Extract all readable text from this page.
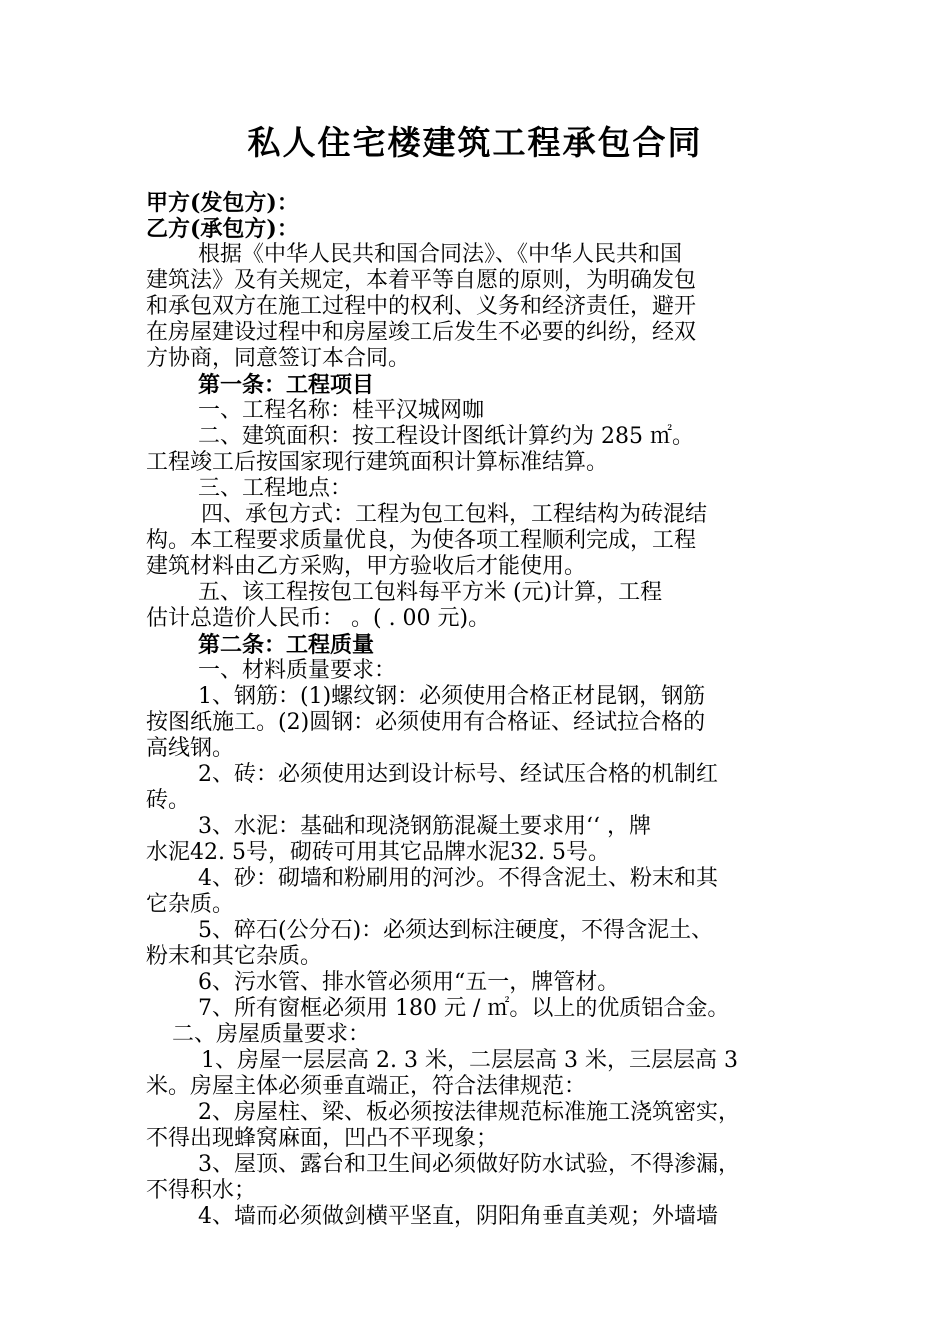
私人住宅楼建筑工程承包合同
甲方(发包方)：
乙方(承包方)：
根据《中华人民共和国合同法》、《中华人民共和国
建筑法》及有关规定，本着平等自愿的原则，为明确发包
和承包双方在施工过程中的权利、义务和经济责任，避开
在房屋建设过程中和房屋竣工后发生不必要的纠纷，经双
方协商，同意签订本合同。
第一条：工程项目
一、工程名称：桂平汉城网咖
二、建筑面积：按工程设计图纸计算约为 285 ㎡。
工程竣工后按国家现行建筑面积计算标准结算。
三、工程地点：
四、承包方式：工程为包工包料，工程结构为砖混结
构。本工程要求质量优良，为使各项工程顺利完成，工程
建筑材料由乙方采购，甲方验收后才能使用。
五、该工程按包工包料每平方米 (元)计算，工程
估计总造价人民币： 。( . 00 元)。
第二条：工程质量
一、材料质量要求：
1、钢筋：(1)螺纹钢：必须使用合格正材昆钢，钢筋
按图纸施工。(2)圆钢：必须使用有合格证、经试拉合格的
高线钢。
2、砖：必须使用达到设计标号、经试压合格的机制红
砖。
3、水泥：基础和现浇钢筋混凝土要求用‘‘ ，牌
水泥42. 5号，砌砖可用其它品牌水泥32. 5号。
4、砂：砌墙和粉刷用的河沙。不得含泥土、粉末和其
它杂质。
5、碎石(公分石)：必须达到标注硬度，不得含泥土、
粉末和其它杂质。
6、污水管、排水管必须用“五一，牌管材。
7、所有窗框必须用 180 元 / ㎡。以上的优质铝合金。
二、房屋质量要求：
1、房屋一层层高 2. 3 米，二层层高 3 米，三层层高 3
米。房屋主体必须垂直端正，符合法律规范：
2、房屋柱、梁、板必须按法律规范标准施工浇筑密实，
不得出现蜂窝麻面，凹凸不平现象；
3、屋顶、露台和卫生间必须做好防水试验，不得渗漏，
不得积水；
4、墙而必须做剑横平坚直，阴阳角垂直美观；外墙墙
